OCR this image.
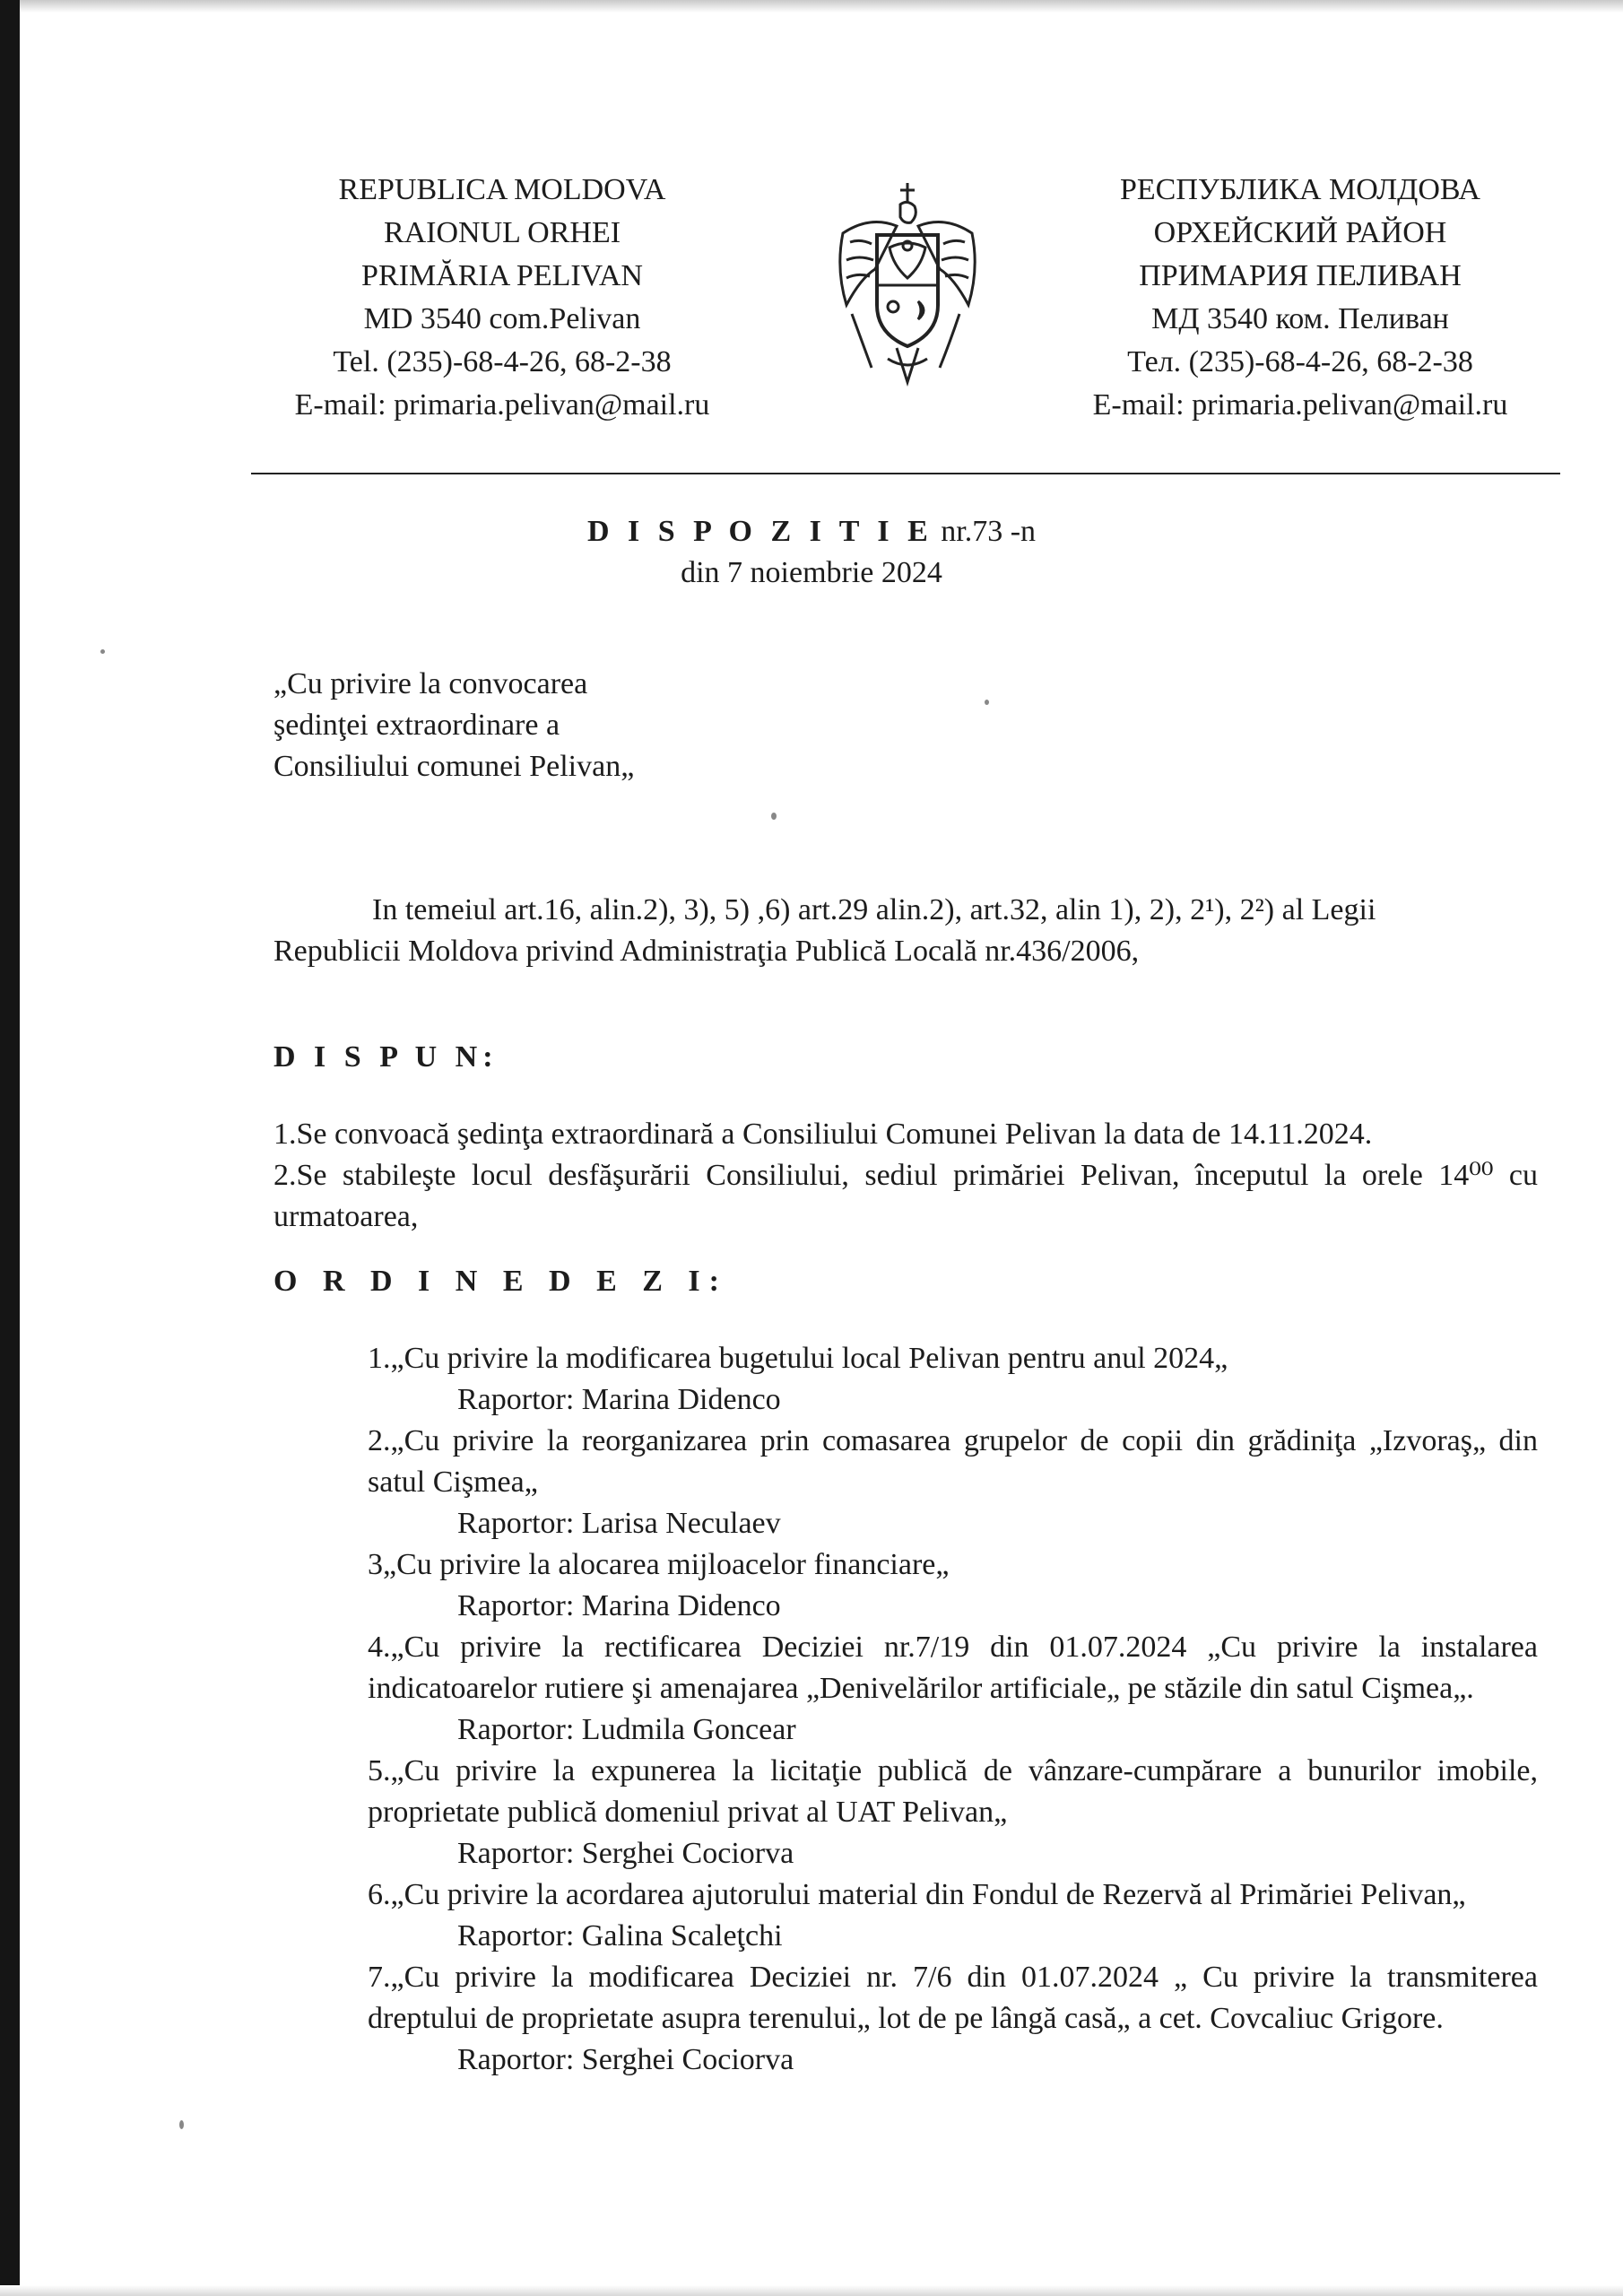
REPUBLICA MOLDOVA
RAIONUL ORHEI
PRIMĂRIA PELIVAN
MD 3540 com.Pelivan
Tel. (235)-68-4-26, 68-2-38
E-mail: primaria.pelivan@mail.ru
РЕСПУБЛИКА МОЛДОВА
ОРХЕЙСКИЙ РАЙОН
ПРИМАРИЯ ПЕЛИВАН
МД 3540 ком. Пеливан
Тел. (235)-68-4-26, 68-2-38
E-mail: primaria.pelivan@mail.ru
D I S P O Z I T I E nr.73 -n
din 7 noiembrie 2024
„Cu privire la convocarea
şedinţei extraordinare a
Consiliului comunei Pelivan„
In temeiul art.16, alin.2), 3), 5) ,6) art.29 alin.2), art.32, alin 1), 2), 2¹), 2²) al Legii
Republicii Moldova privind Administraţia Publică Locală nr.436/2006,
D I S P U N:
1.Se convoacă şedinţa extraordinară a Consiliului Comunei Pelivan la data de 14.11.2024.
2.Se stabileşte locul desfăşurării Consiliului, sediul primăriei Pelivan, începutul la orele 14⁰⁰ cu urmatoarea,
O R D I N E D E Z I:
1.„Cu privire la modificarea bugetului local Pelivan pentru anul 2024„
Raportor: Marina Didenco
2.„Cu privire la reorganizarea prin comasarea grupelor de copii din grădiniţa „Izvoraş„ din satul Cişmea„
Raportor: Larisa Neculaev
3„Cu privire la alocarea mijloacelor financiare„
Raportor: Marina Didenco
4.„Cu privire la rectificarea Deciziei nr.7/19 din 01.07.2024 „Cu privire la instalarea indicatoarelor rutiere şi amenajarea „Denivelărilor artificiale„ pe stăzile din satul Cişmea„.
Raportor: Ludmila Goncear
5.„Cu privire la expunerea la licitaţie publică de vânzare-cumpărare a bunurilor imobile, proprietate publică domeniul privat al UAT Pelivan„
Raportor: Serghei Cociorva
6.„Cu privire la acordarea ajutorului material din Fondul de Rezervă al Primăriei Pelivan„
Raportor: Galina Scaleţchi
7.„Cu privire la modificarea Deciziei nr. 7/6 din 01.07.2024 „ Cu privire la transmiterea dreptului de proprietate asupra terenului„ lot de pe lângă casă„ a cet. Covcaliuc Grigore.
Raportor: Serghei Cociorva
